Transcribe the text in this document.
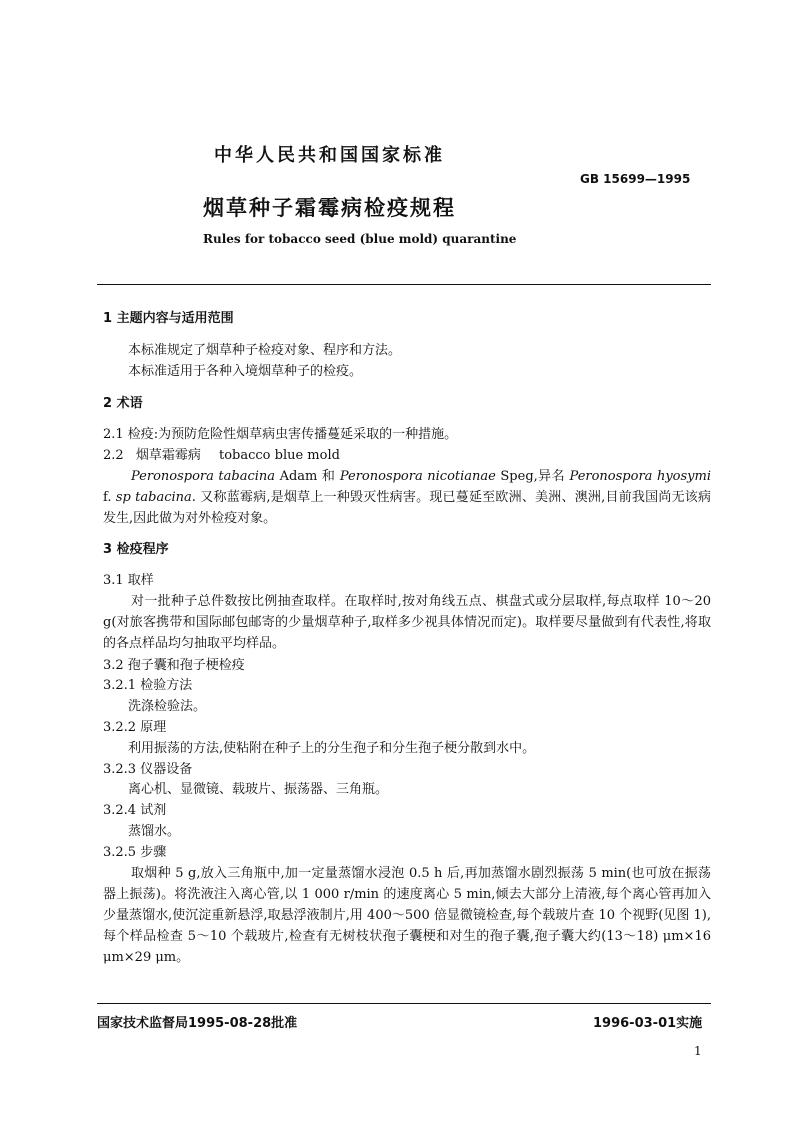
中华人民共和国国家标准
GB 15699—1995
烟草种子霜霉病检疫规程
Rules for tobacco seed (blue mold) quarantine
1 主题内容与适用范围
本标准规定了烟草种子检疫对象、程序和方法。
本标准适用于各种入境烟草种子的检疫。
2 术语
2.1 检疫:为预防危险性烟草病虫害传播蔓延采取的一种措施。
2.2 烟草霜霉病 tobacco blue mold
Peronospora tabacina Adam 和 Peronospora nicotianae Speg,异名 Peronospora hyosymi f. sp tabacina. 又称蓝霉病,是烟草上一种毁灭性病害。现已蔓延至欧洲、美洲、澳洲,目前我国尚无该病发生,因此做为对外检疫对象。
3 检疫程序
3.1 取样
对一批种子总件数按比例抽查取样。在取样时,按对角线五点、棋盘式或分层取样,每点取样 10～20 g(对旅客携带和国际邮包邮寄的少量烟草种子,取样多少视具体情况而定)。取样要尽量做到有代表性,将取的各点样品均匀抽取平均样品。
3.2 孢子囊和孢子梗检疫
3.2.1 检验方法
洗涤检验法。
3.2.2 原理
利用振荡的方法,使粘附在种子上的分生孢子和分生孢子梗分散到水中。
3.2.3 仪器设备
离心机、显微镜、载玻片、振荡器、三角瓶。
3.2.4 试剂
蒸馏水。
3.2.5 步骤
取烟种 5 g,放入三角瓶中,加一定量蒸馏水浸泡 0.5 h 后,再加蒸馏水剧烈振荡 5 min(也可放在振荡器上振荡)。将洗液注入离心管,以 1 000 r/min 的速度离心 5 min,倾去大部分上清液,每个离心管再加入少量蒸馏水,使沉淀重新悬浮,取悬浮液制片,用 400～500 倍显微镜检查,每个载玻片查 10 个视野(见图 1),每个样品检查 5～10 个载玻片,检查有无树枝状孢子囊梗和对生的孢子囊,孢子囊大约(13～18) μm×16 μm×29 μm。
国家技术监督局1995-08-28批准	1996-03-01实施
1
